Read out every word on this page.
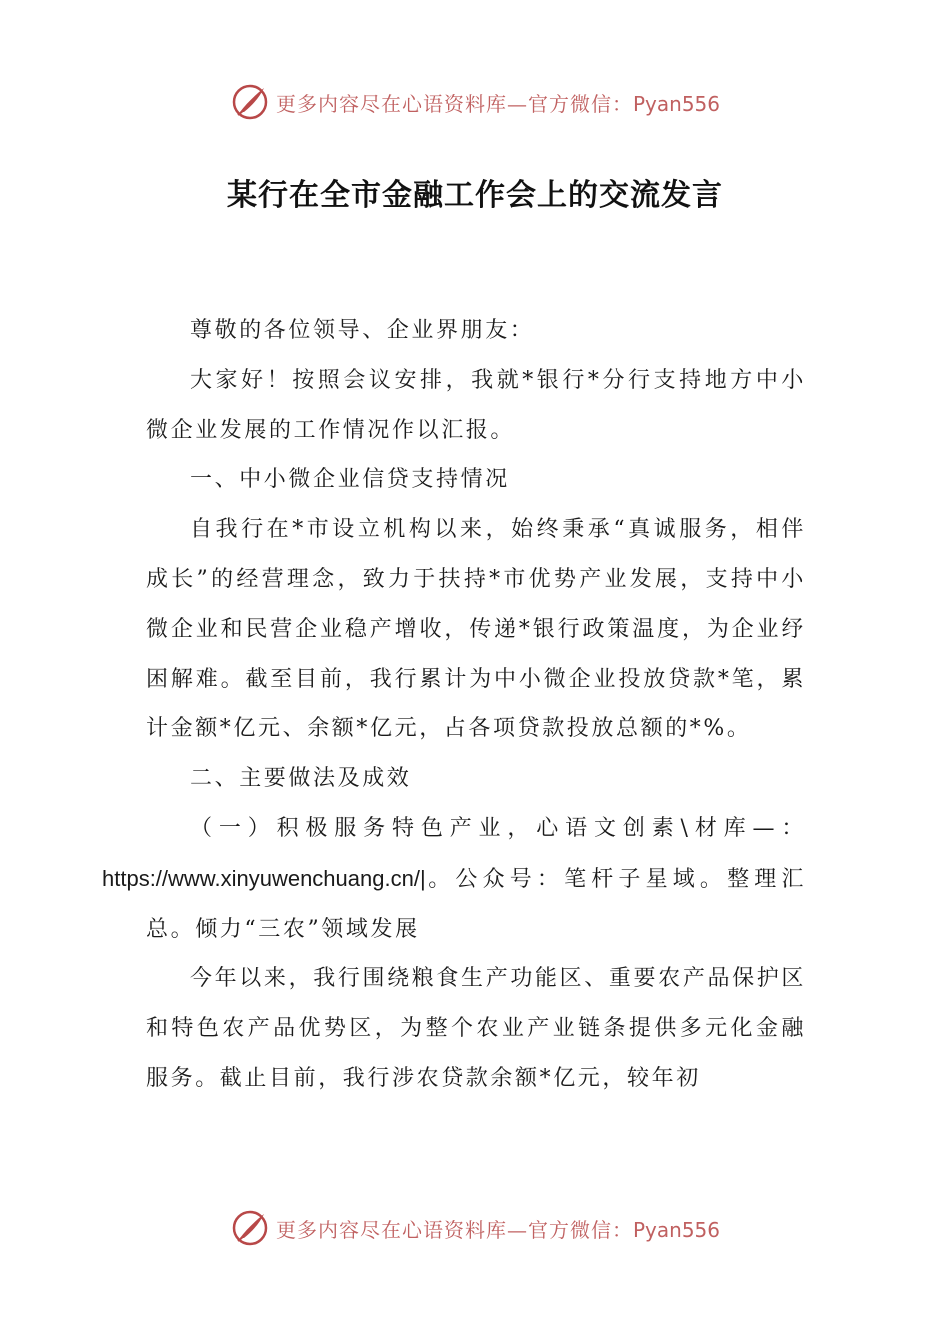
更多内容尽在心语资料库—官方微信：Pyan556
某行在全市金融工作会上的交流发言

尊敬的各位领导、企业界朋友：

大家好！按照会议安排，我就*银行*分行支持地方中小微企业发展的工作情况作以汇报。

一、中小微企业信贷支持情况

自我行在*市设立机构以来，始终秉承“真诚服务，相伴成长”的经营理念，致力于扶持*市优势产业发展，支持中小微企业和民营企业稳产增收，传递*银行政策温度，为企业纾困解难。截至目前，我行累计为中小微企业投放贷款*笔，累计金额*亿元、余额*亿元，占各项贷款投放总额的*%。

二、主要做法及成效

（一）积极服务特色产业，心语文创素\材库—：https://www.xinyuwenchuang.cn/|。公众号：笔杆子星域。整理汇总。倾力“三农”领域发展

今年以来，我行围绕粮食生产功能区、重要农产品保护区和特色农产品优势区，为整个农业产业链条提供多元化金融服务。截止目前，我行涉农贷款余额*亿元，较年初

更多内容尽在心语资料库—官方微信：Pyan556
